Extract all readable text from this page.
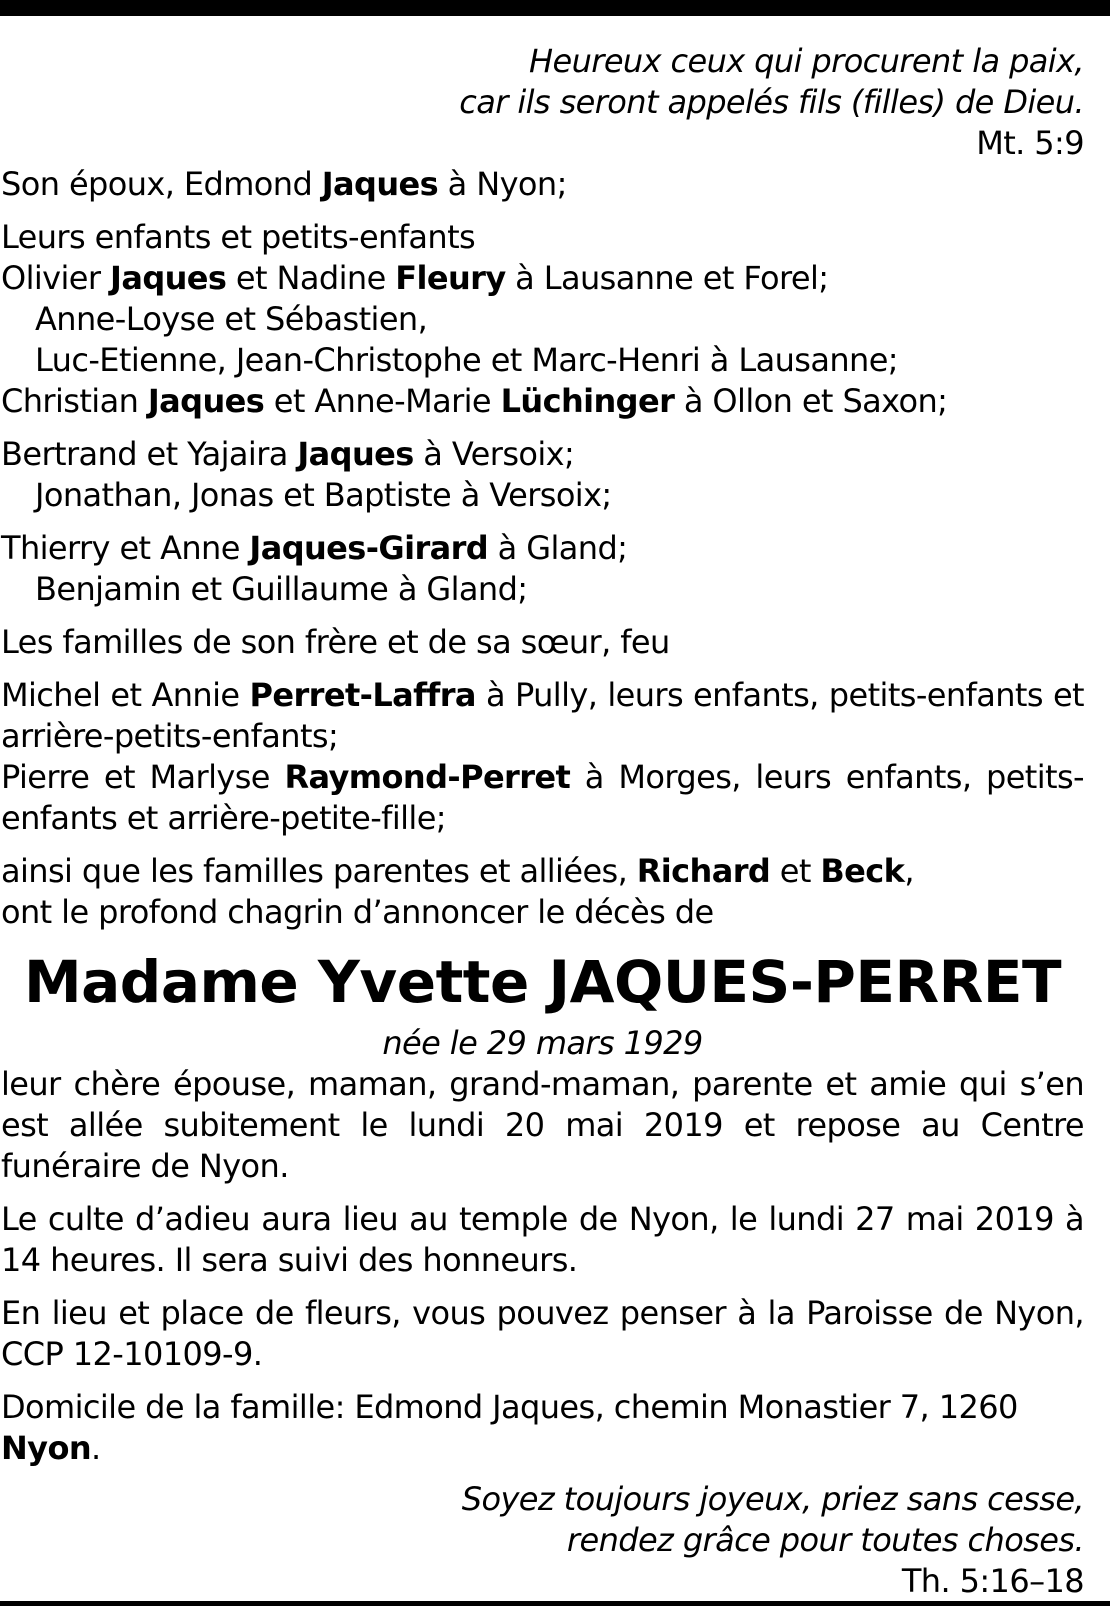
Heureux ceux qui procurent la paix,
car ils seront appelés fils (filles) de Dieu.
Mt. 5:9

Son époux, Edmond Jaques à Nyon;

Leurs enfants et petits-enfants

Olivier Jaques et Nadine Fleury à Lausanne et Forel;

Anne-Loyse et Sébastien,

Luc-Etienne, Jean-Christophe et Marc-Henri à Lausanne;

Christian Jaques et Anne-Marie Lüchinger à Ollon et Saxon;

Bertrand et Yajaira Jaques à Versoix;

Jonathan, Jonas et Baptiste à Versoix;

Thierry et Anne Jaques-Girard à Gland;

Benjamin et Guillaume à Gland;

Les familles de son frère et de sa sœur, feu

Michel et Annie Perret-Laffra à Pully, leurs enfants, petits-enfants et arrière-petits-enfants;

Pierre et Marlyse Raymond-Perret à Morges, leurs enfants, petits-enfants et arrière-petite-fille;

ainsi que les familles parentes et alliées, Richard et Beck,

ont le profond chagrin d’annoncer le décès de

Madame Yvette JAQUES-PERRET
née le 29 mars 1929

leur chère épouse, maman, grand-maman, parente et amie qui s’en est allée subitement le lundi 20 mai 2019 et repose au Centre funéraire de Nyon.

Le culte d’adieu aura lieu au temple de Nyon, le lundi 27 mai 2019 à 14 heures. Il sera suivi des honneurs.

En lieu et place de fleurs, vous pouvez penser à la Paroisse de Nyon, CCP 12-10109-9.

Domicile de la famille: Edmond Jaques, chemin Monastier 7, 1260 Nyon.

Soyez toujours joyeux, priez sans cesse,
rendez grâce pour toutes choses.
Th. 5:16–18
